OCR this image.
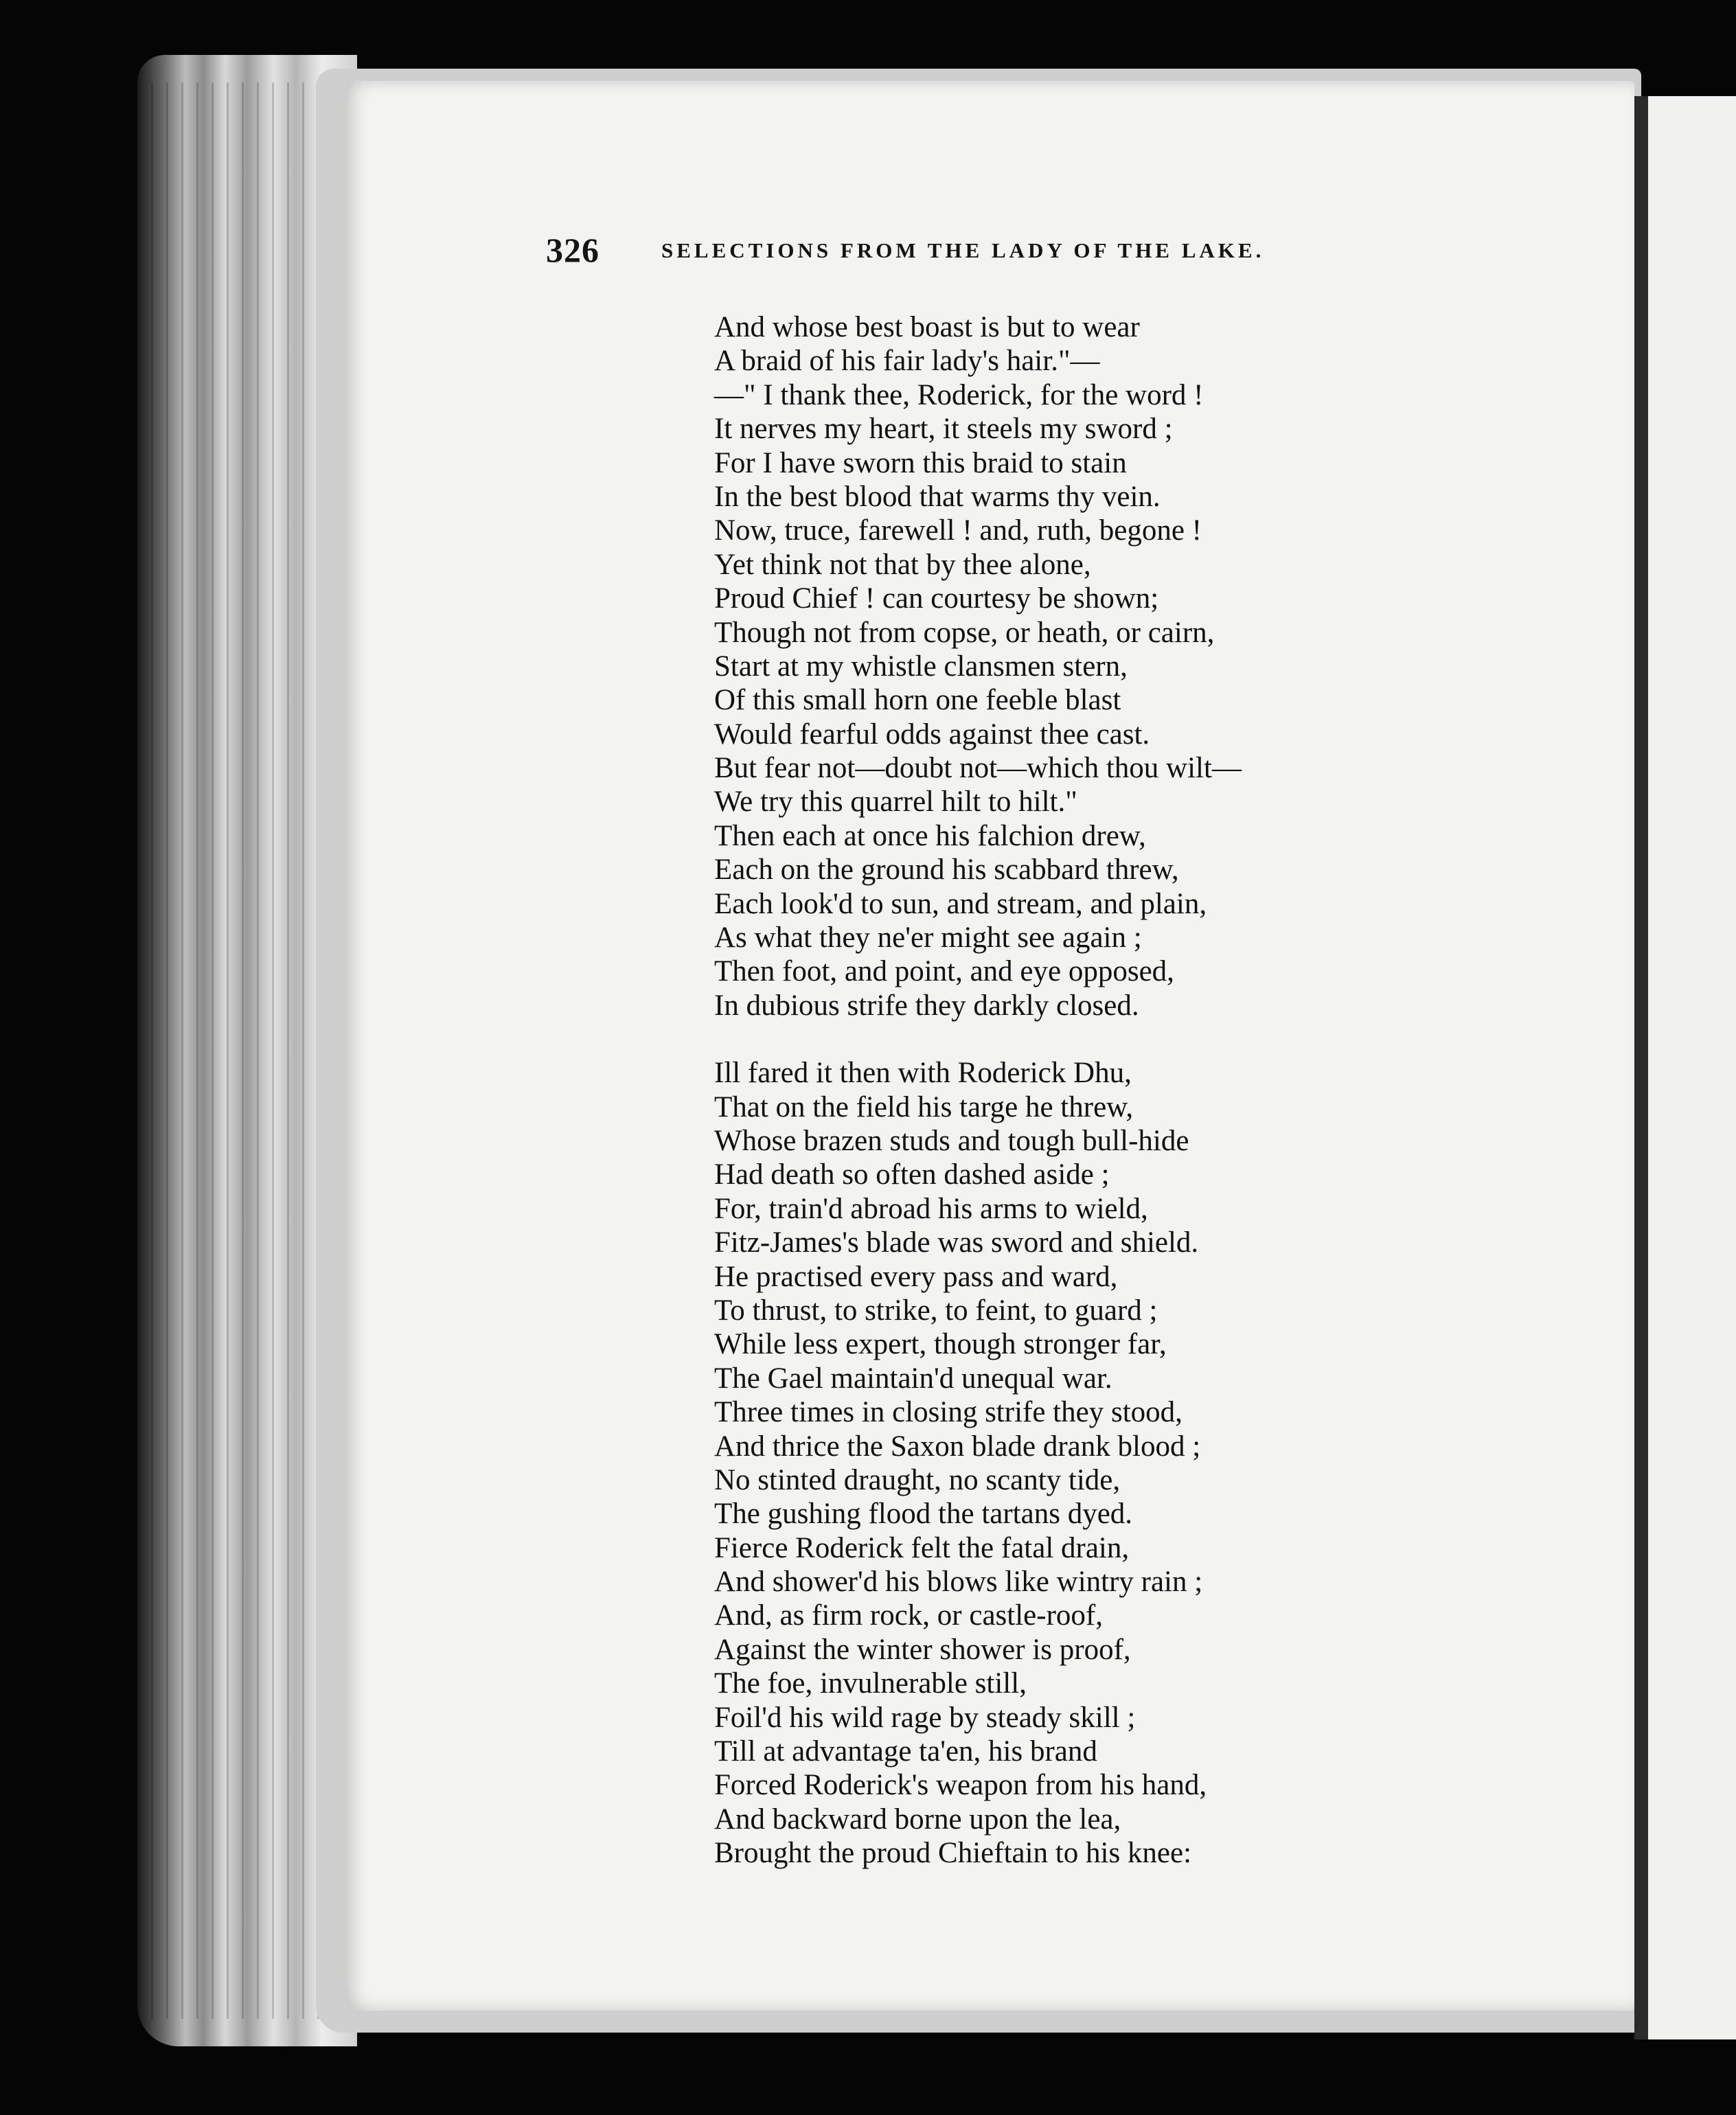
326	SELECTIONS FROM THE LADY OF THE LAKE.
And whose best boast is but to wear
A braid of his fair lady's hair."—
—" I thank thee, Roderick, for the word !
It nerves my heart, it steels my sword ;
For I have sworn this braid to stain
In the best blood that warms thy vein.
Now, truce, farewell ! and, ruth, begone !
Yet think not that by thee alone,
Proud Chief ! can courtesy be shown;
Though not from copse, or heath, or cairn,
Start at my whistle clansmen stern,
Of this small horn one feeble blast
Would fearful odds against thee cast.
But fear not—doubt not—which thou wilt—
We try this quarrel hilt to hilt."
Then each at once his falchion drew,
Each on the ground his scabbard threw,
Each look'd to sun, and stream, and plain,
As what they ne'er might see again ;
Then foot, and point, and eye opposed,
In dubious strife they darkly closed.
Ill fared it then with Roderick Dhu,
That on the field his targe he threw,
Whose brazen studs and tough bull-hide
Had death so often dashed aside ;
For, train'd abroad his arms to wield,
Fitz-James's blade was sword and shield.
He practised every pass and ward,
To thrust, to strike, to feint, to guard ;
While less expert, though stronger far,
The Gael maintain'd unequal war.
Three times in closing strife they stood,
And thrice the Saxon blade drank blood ;
No stinted draught, no scanty tide,
The gushing flood the tartans dyed.
Fierce Roderick felt the fatal drain,
And shower'd his blows like wintry rain ;
And, as firm rock, or castle-roof,
Against the winter shower is proof,
The foe, invulnerable still,
Foil'd his wild rage by steady skill ;
Till at advantage ta'en, his brand
Forced Roderick's weapon from his hand,
And backward borne upon the lea,
Brought the proud Chieftain to his knee:
